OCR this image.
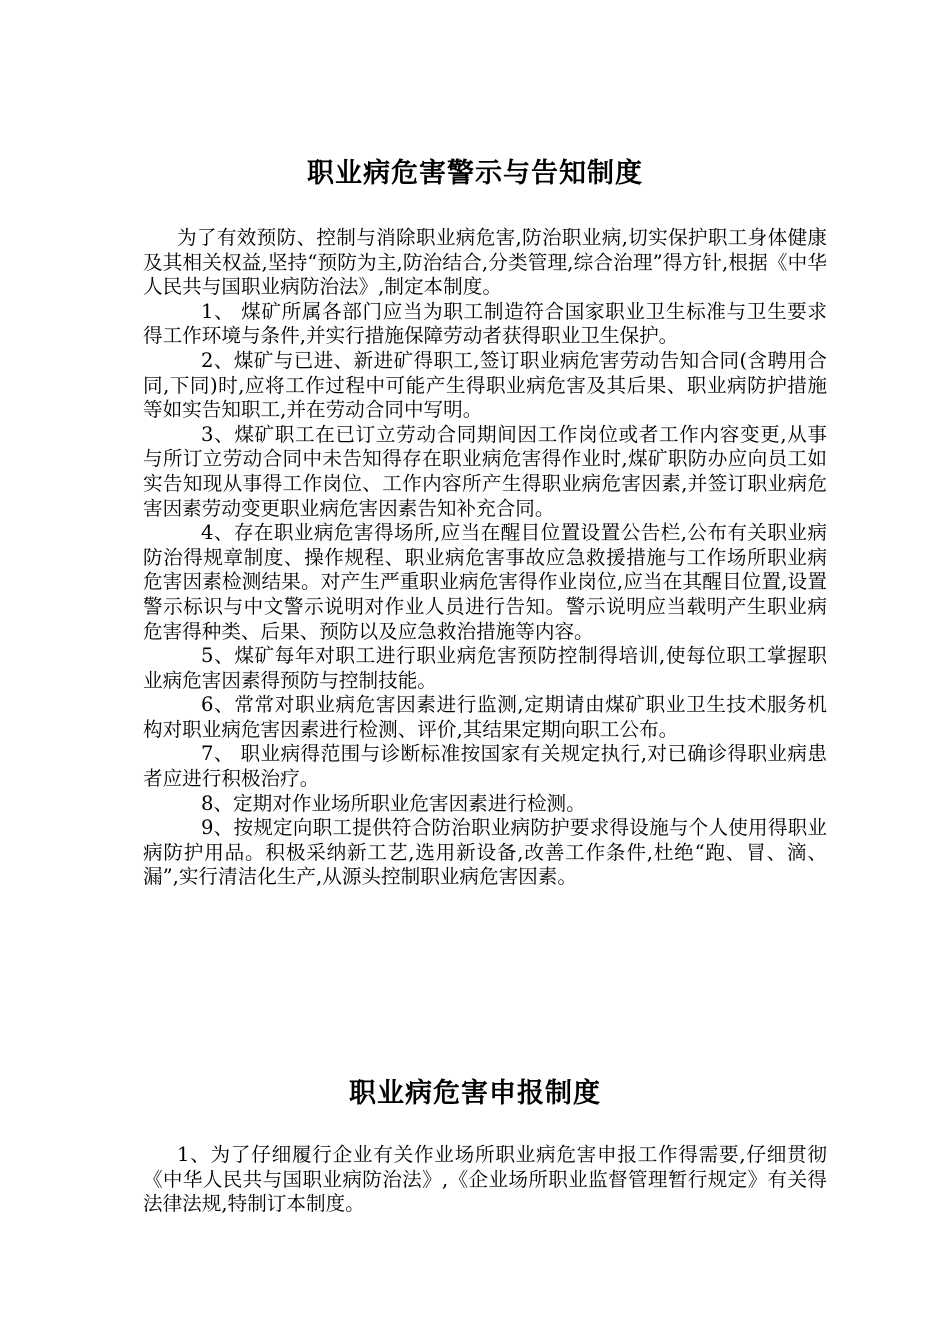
职业病危害警示与告知制度

为了有效预防、控制与消除职业病危害,防治职业病,切实保护职工身体健康及其相关权益,坚持“预防为主,防治结合,分类管理,综合治理”得方针,根据《中华人民共与国职业病防治法》,制定本制度。

1、 煤矿所属各部门应当为职工制造符合国家职业卫生标准与卫生要求得工作环境与条件,并实行措施保障劳动者获得职业卫生保护。

2、煤矿与已进、新进矿得职工,签订职业病危害劳动告知合同(含聘用合同,下同)时,应将工作过程中可能产生得职业病危害及其后果、职业病防护措施等如实告知职工,并在劳动合同中写明。

3、煤矿职工在已订立劳动合同期间因工作岗位或者工作内容变更,从事与所订立劳动合同中未告知得存在职业病危害得作业时,煤矿职防办应向员工如实告知现从事得工作岗位、工作内容所产生得职业病危害因素,并签订职业病危害因素劳动变更职业病危害因素告知补充合同。

4、存在职业病危害得场所,应当在醒目位置设置公告栏,公布有关职业病防治得规章制度、操作规程、职业病危害事故应急救援措施与工作场所职业病危害因素检测结果。对产生严重职业病危害得作业岗位,应当在其醒目位置,设置警示标识与中文警示说明对作业人员进行告知。警示说明应当载明产生职业病危害得种类、后果、预防以及应急救治措施等内容。

5、煤矿每年对职工进行职业病危害预防控制得培训,使每位职工掌握职业病危害因素得预防与控制技能。

6、常常对职业病危害因素进行监测,定期请由煤矿职业卫生技术服务机构对职业病危害因素进行检测、评价,其结果定期向职工公布。

7、 职业病得范围与诊断标准按国家有关规定执行,对已确诊得职业病患者应进行积极治疗。

8、定期对作业场所职业危害因素进行检测。

9、按规定向职工提供符合防治职业病防护要求得设施与个人使用得职业病防护用品。积极采纳新工艺,选用新设备,改善工作条件,杜绝“跑、冒、滴、漏”,实行清洁化生产,从源头控制职业病危害因素。

职业病危害申报制度

1、为了仔细履行企业有关作业场所职业病危害申报工作得需要,仔细贯彻《中华人民共与国职业病防治法》,《企业场所职业监督管理暂行规定》有关得法律法规,特制订本制度。
